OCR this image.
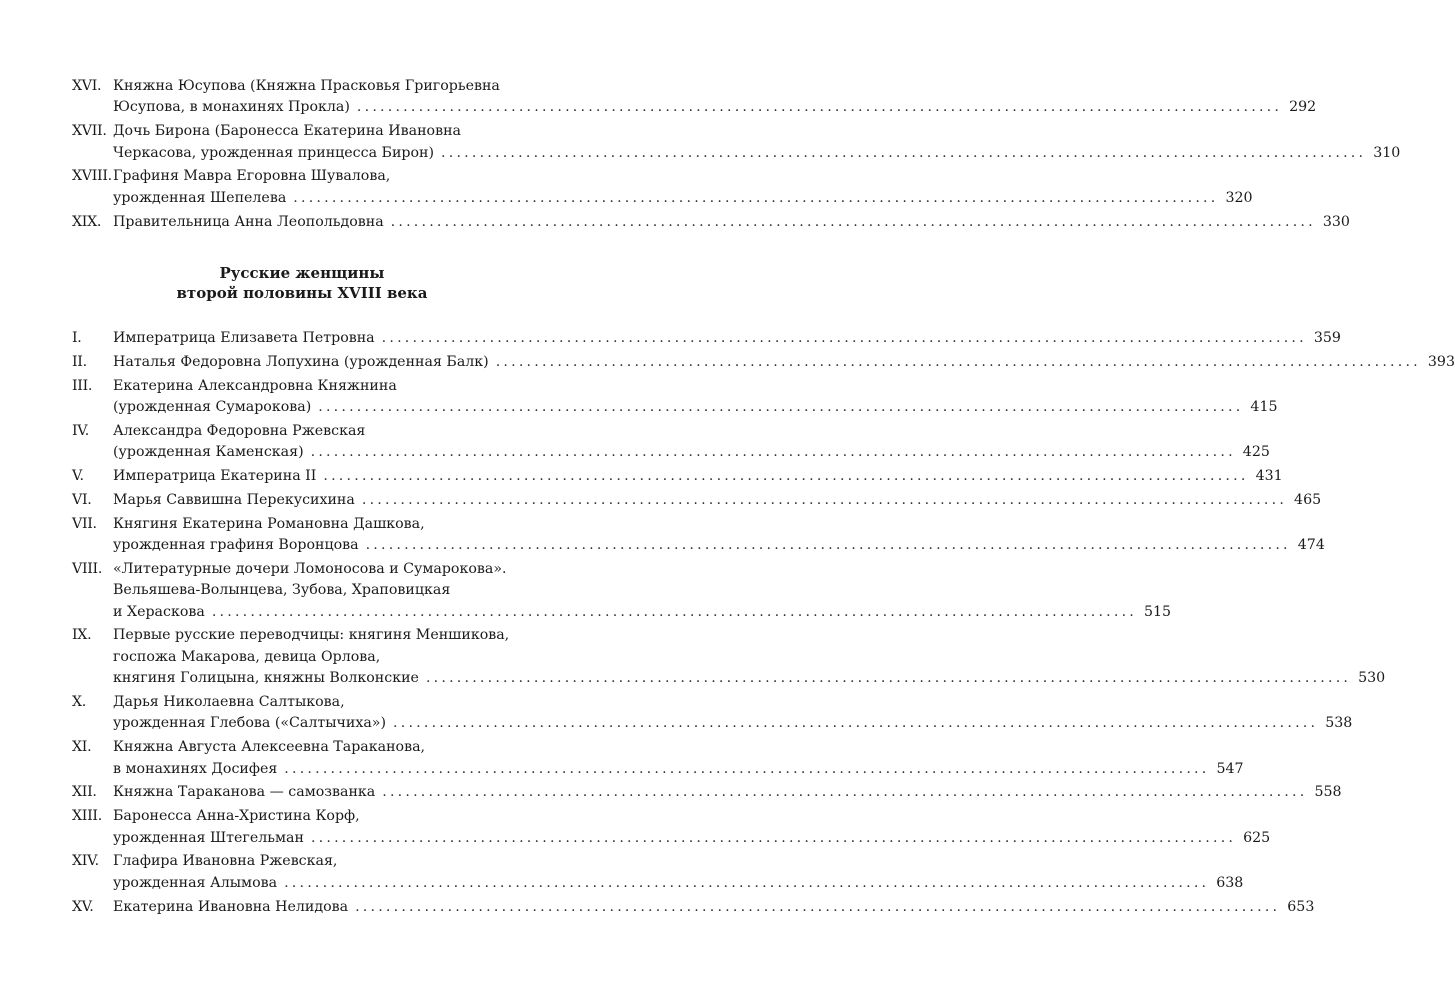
XVI. Княжна Юсупова (Княжна Прасковья Григорьевна
Юсупова, в монахинях Прокла) ........................................................................................................................ 292
XVII. Дочь Бирона (Баронесса Екатерина Ивановна
Черкасова, урожденная принцесса Бирон) ........................................................................................................................ 310
XVIII. Графиня Мавра Егоровна Шувалова,
урожденная Шепелева ........................................................................................................................ 320
XIX. Правительница Анна Леопольдовна ........................................................................................................................ 330
Русские женщины
второй половины XVIII века
I.	Императрица Елизавета Петровна ........................................................................................................................ 359
II.	Наталья Федоровна Лопухина (урожденная Балк) ........................................................................................................................ 393
III.	Екатерина Александровна Княжнина
(урожденная Сумарокова) ........................................................................................................................ 415
IV.	Александра Федоровна Ржевская
(урожденная Каменская) ........................................................................................................................ 425
V.	Императрица Екатерина II ........................................................................................................................ 431
VI.	Марья Саввишна Перекусихина ........................................................................................................................ 465
VII.	Княгиня Екатерина Романовна Дашкова,
урожденная графиня Воронцова ........................................................................................................................ 474
VIII. «Литературные дочери Ломоносова и Сумарокова».
Вельяшева-Волынцева, Зубова, Храповицкая
и Хераскова ........................................................................................................................ 515
IX.	Первые русские переводчицы: княгиня Меншикова,
госпожа Макарова, девица Орлова,
княгиня Голицына, княжны Волконские ........................................................................................................................ 530
X.	Дарья Николаевна Салтыкова,
урожденная Глебова («Салтычиха») ........................................................................................................................ 538
XI.	Княжна Августа Алексеевна Тараканова,
в монахинях Досифея ........................................................................................................................ 547
XII.	Княжна Тараканова — самозванка ........................................................................................................................ 558
XIII. Баронесса Анна-Христина Корф,
урожденная Штегельман ........................................................................................................................ 625
XIV.	Глафира Ивановна Ржевская,
урожденная Алымова ........................................................................................................................ 638
XV.	Екатерина Ивановна Нелидова ........................................................................................................................ 653
